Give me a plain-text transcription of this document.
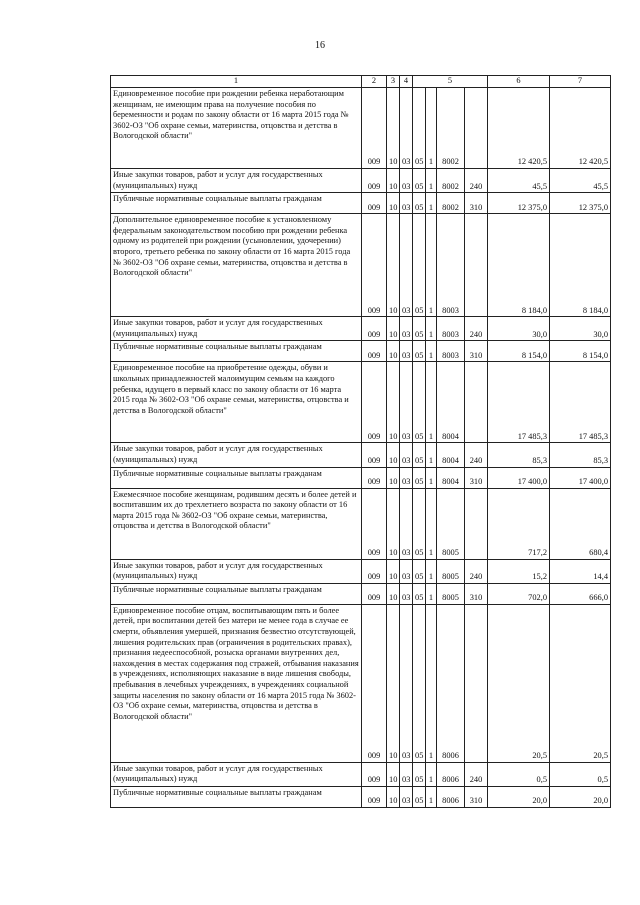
16
1	2	3	4	5				6	7
Единовременное пособие при рождении ребенка неработающим женщинам, не имеющим права на получение пособия по беременности и родам по закону области от 16 марта 2015 года № 3602-ОЗ "Об охране семьи, материнства, отцовства и детства в Вологодской области"	009	10	03	05	1	8002		12 420,5	12 420,5
Иные закупки товаров, работ и услуг для государственных (муниципальных) нужд	009	10	03	05	1	8002	240	45,5	45,5
Публичные нормативные социальные выплаты гражданам	009	10	03	05	1	8002	310	12 375,0	12 375,0
Дополнительное единовременное пособие к установленному федеральным законодательством пособию при рождении ребенка одному из родителей при рождении (усыновлении, удочерении) второго, третьего ребенка по закону области от 16 марта 2015 года № 3602-ОЗ "Об охране семьи, материнства, отцовства и детства в Вологодской области"	009	10	03	05	1	8003		8 184,0	8 184,0
Иные закупки товаров, работ и услуг для государственных (муниципальных) нужд	009	10	03	05	1	8003	240	30,0	30,0
Публичные нормативные социальные выплаты гражданам	009	10	03	05	1	8003	310	8 154,0	8 154,0
Единовременное пособие на приобретение одежды, обуви и школьных принадлежностей малоимущим семьям на каждого ребенка, идущего в первый класс по закону области от 16 марта 2015 года № 3602-ОЗ "Об охране семьи, материнства, отцовства и детства в Вологодской области"	009	10	03	05	1	8004		17 485,3	17 485,3
Иные закупки товаров, работ и услуг для государственных (муниципальных) нужд	009	10	03	05	1	8004	240	85,3	85,3
Публичные нормативные социальные выплаты гражданам	009	10	03	05	1	8004	310	17 400,0	17 400,0
Ежемесячное пособие женщинам, родившим десять и более детей и воспитавшим их до трехлетнего возраста по закону области от 16 марта 2015 года № 3602-ОЗ "Об охране семьи, материнства, отцовства и детства в Вологодской области"	009	10	03	05	1	8005		717,2	680,4
Иные закупки товаров, работ и услуг для государственных (муниципальных) нужд	009	10	03	05	1	8005	240	15,2	14,4
Публичные нормативные социальные выплаты гражданам	009	10	03	05	1	8005	310	702,0	666,0
Единовременное пособие отцам, воспитывающим пять и более детей, при воспитании детей без матери не менее года в случае ее смерти, объявления умершей, признания безвестно отсутствующей, лишения родительских прав (ограничения в родительских правах), признания недееспособной, розыска органами внутренних дел, нахождения в местах содержания под стражей, отбывания наказания в учреждениях, исполняющих наказание в виде лишения свободы, пребывания в лечебных учреждениях, в учреждениях социальной защиты населения по закону области от 16 марта 2015 года № 3602-ОЗ "Об охране семьи, материнства, отцовства и детства в Вологодской области"	009	10	03	05	1	8006		20,5	20,5
Иные закупки товаров, работ и услуг для государственных (муниципальных) нужд	009	10	03	05	1	8006	240	0,5	0,5
Публичные нормативные социальные выплаты гражданам	009	10	03	05	1	8006	310	20,0	20,0
